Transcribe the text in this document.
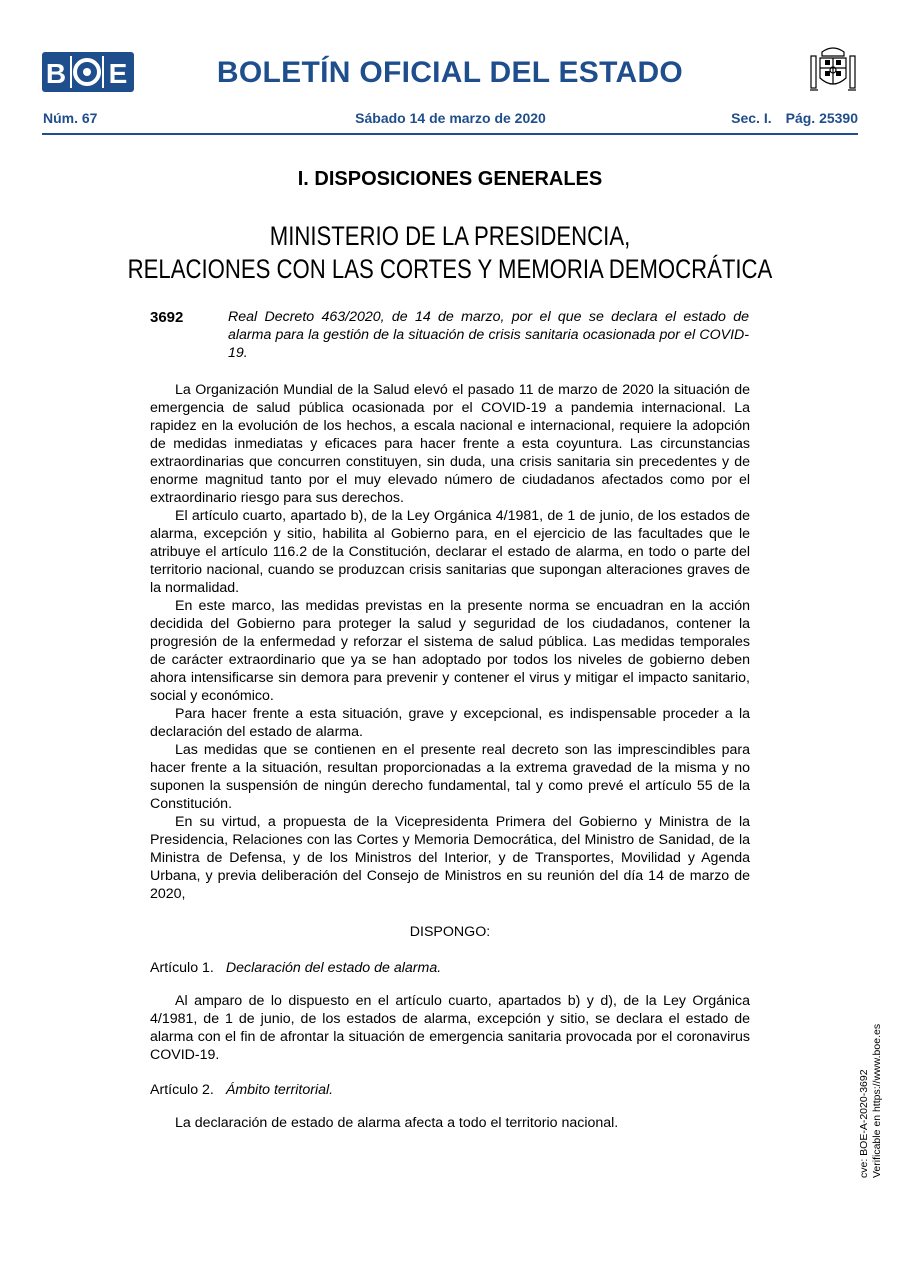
B E	BOLETÍN OFICIAL DEL ESTADO
Núm. 67	Sábado 14 de marzo de 2020	Sec. I. Pág. 25390
I. DISPOSICIONES GENERALES
MINISTERIO DE LA PRESIDENCIA,
RELACIONES CON LAS CORTES Y MEMORIA DEMOCRÁTICA
3692	Real Decreto 463/2020, de 14 de marzo, por el que se declara el estado de alarma para la gestión de la situación de crisis sanitaria ocasionada por el COVID-19.

La Organización Mundial de la Salud elevó el pasado 11 de marzo de 2020 la situación de emergencia de salud pública ocasionada por el COVID-19 a pandemia internacional. La rapidez en la evolución de los hechos, a escala nacional e internacional, requiere la adopción de medidas inmediatas y eficaces para hacer frente a esta coyuntura. Las circunstancias extraordinarias que concurren constituyen, sin duda, una crisis sanitaria sin precedentes y de enorme magnitud tanto por el muy elevado número de ciudadanos afectados como por el extraordinario riesgo para sus derechos.

El artículo cuarto, apartado b), de la Ley Orgánica 4/1981, de 1 de junio, de los estados de alarma, excepción y sitio, habilita al Gobierno para, en el ejercicio de las facultades que le atribuye el artículo 116.2 de la Constitución, declarar el estado de alarma, en todo o parte del territorio nacional, cuando se produzcan crisis sanitarias que supongan alteraciones graves de la normalidad.

En este marco, las medidas previstas en la presente norma se encuadran en la acción decidida del Gobierno para proteger la salud y seguridad de los ciudadanos, contener la progresión de la enfermedad y reforzar el sistema de salud pública. Las medidas temporales de carácter extraordinario que ya se han adoptado por todos los niveles de gobierno deben ahora intensificarse sin demora para prevenir y contener el virus y mitigar el impacto sanitario, social y económico.

Para hacer frente a esta situación, grave y excepcional, es indispensable proceder a la declaración del estado de alarma.

Las medidas que se contienen en el presente real decreto son las imprescindibles para hacer frente a la situación, resultan proporcionadas a la extrema gravedad de la misma y no suponen la suspensión de ningún derecho fundamental, tal y como prevé el artículo 55 de la Constitución.

En su virtud, a propuesta de la Vicepresidenta Primera del Gobierno y Ministra de la Presidencia, Relaciones con las Cortes y Memoria Democrática, del Ministro de Sanidad, de la Ministra de Defensa, y de los Ministros del Interior, y de Transportes, Movilidad y Agenda Urbana, y previa deliberación del Consejo de Ministros en su reunión del día 14 de marzo de 2020,

DISPONGO:
Artículo 1. Declaración del estado de alarma.

Al amparo de lo dispuesto en el artículo cuarto, apartados b) y d), de la Ley Orgánica 4/1981, de 1 de junio, de los estados de alarma, excepción y sitio, se declara el estado de alarma con el fin de afrontar la situación de emergencia sanitaria provocada por el coronavirus COVID-19.

Artículo 2. Ámbito territorial.

La declaración de estado de alarma afecta a todo el territorio nacional.	cve: BOE-A-2020-3692 Verificable en https://www.boe.es
